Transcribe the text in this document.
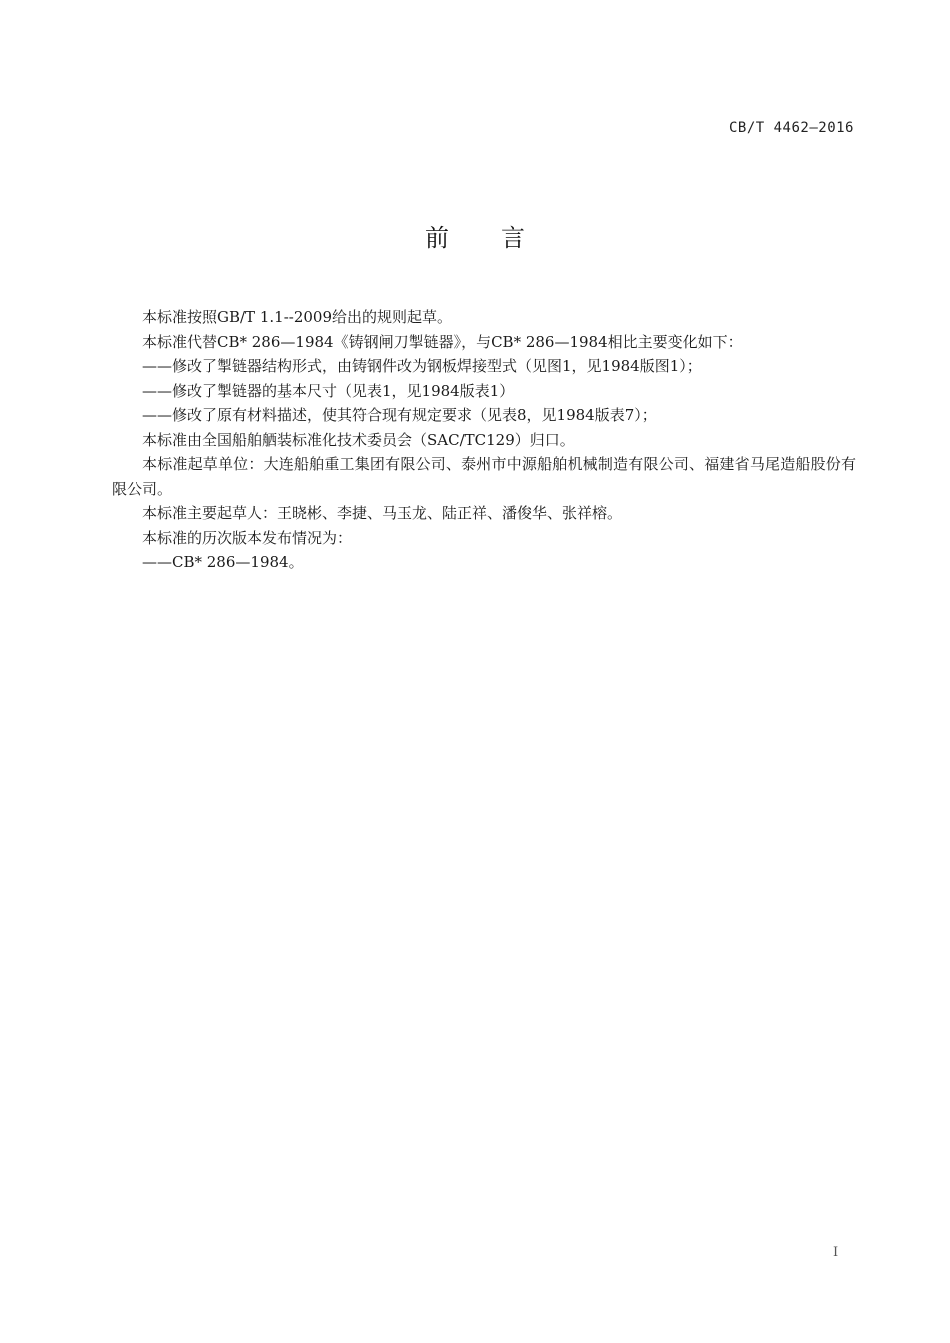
CB/T 4462—2016
前言

本标准按照GB/T 1.1--2009给出的规则起草。

本标准代替CB* 286—1984《铸钢闸刀掣链器》，与CB* 286—1984相比主要变化如下：

——修改了掣链器结构形式，由铸钢件改为钢板焊接型式（见图1，见1984版图1）；

——修改了掣链器的基本尺寸（见表1，见1984版表1）

——修改了原有材料描述，使其符合现有规定要求（见表8，见1984版表7）；

本标准由全国船舶舾装标准化技术委员会（SAC/TC129）归口。

本标准起草单位：大连船舶重工集团有限公司、泰州市中源船舶机械制造有限公司、福建省马尾造船股份有限公司。

本标准主要起草人：王晓彬、李捷、马玉龙、陆正祥、潘俊华、张祥榕。

本标准的历次版本发布情况为：

——CB* 286—1984。

I
